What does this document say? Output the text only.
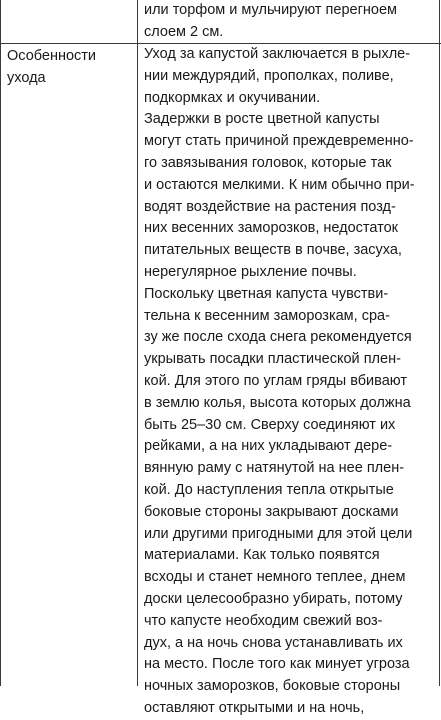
или торфом и мульчируют перегноем
слоем 2 см.
Особенности
ухода
Уход за капустой заключается в рыхле-
нии междурядий, прополках, поливе,
подкормках и окучивании.
Задержки в росте цветной капусты
могут стать причиной преждевременно-
го завязывания головок, которые так
и остаются мелкими. К ним обычно при-
водят воздействие на растения позд-
них весенних заморозков, недостаток
питательных веществ в почве, засуха,
нерегулярное рыхление почвы.
Поскольку цветная капуста чувстви-
тельна к весенним заморозкам, сра-
зу же после схода снега рекомендуется
укрывать посадки пластической плен-
кой. Для этого по углам гряды вбивают
в землю колья, высота которых должна
быть 25–30 см. Сверху соединяют их
рейками, а на них укладывают дере-
вянную раму с натянутой на нее плен-
кой. До наступления тепла открытые
боковые стороны закрывают досками
или другими пригодными для этой цели
материалами. Как только появятся
всходы и станет немного теплее, днем
доски целесообразно убирать, потому
что капусте необходим свежий воз-
дух, а на ночь снова устанавливать их
на место. После того как минует угроза
ночных заморозков, боковые стороны
оставляют открытыми и на ночь,
